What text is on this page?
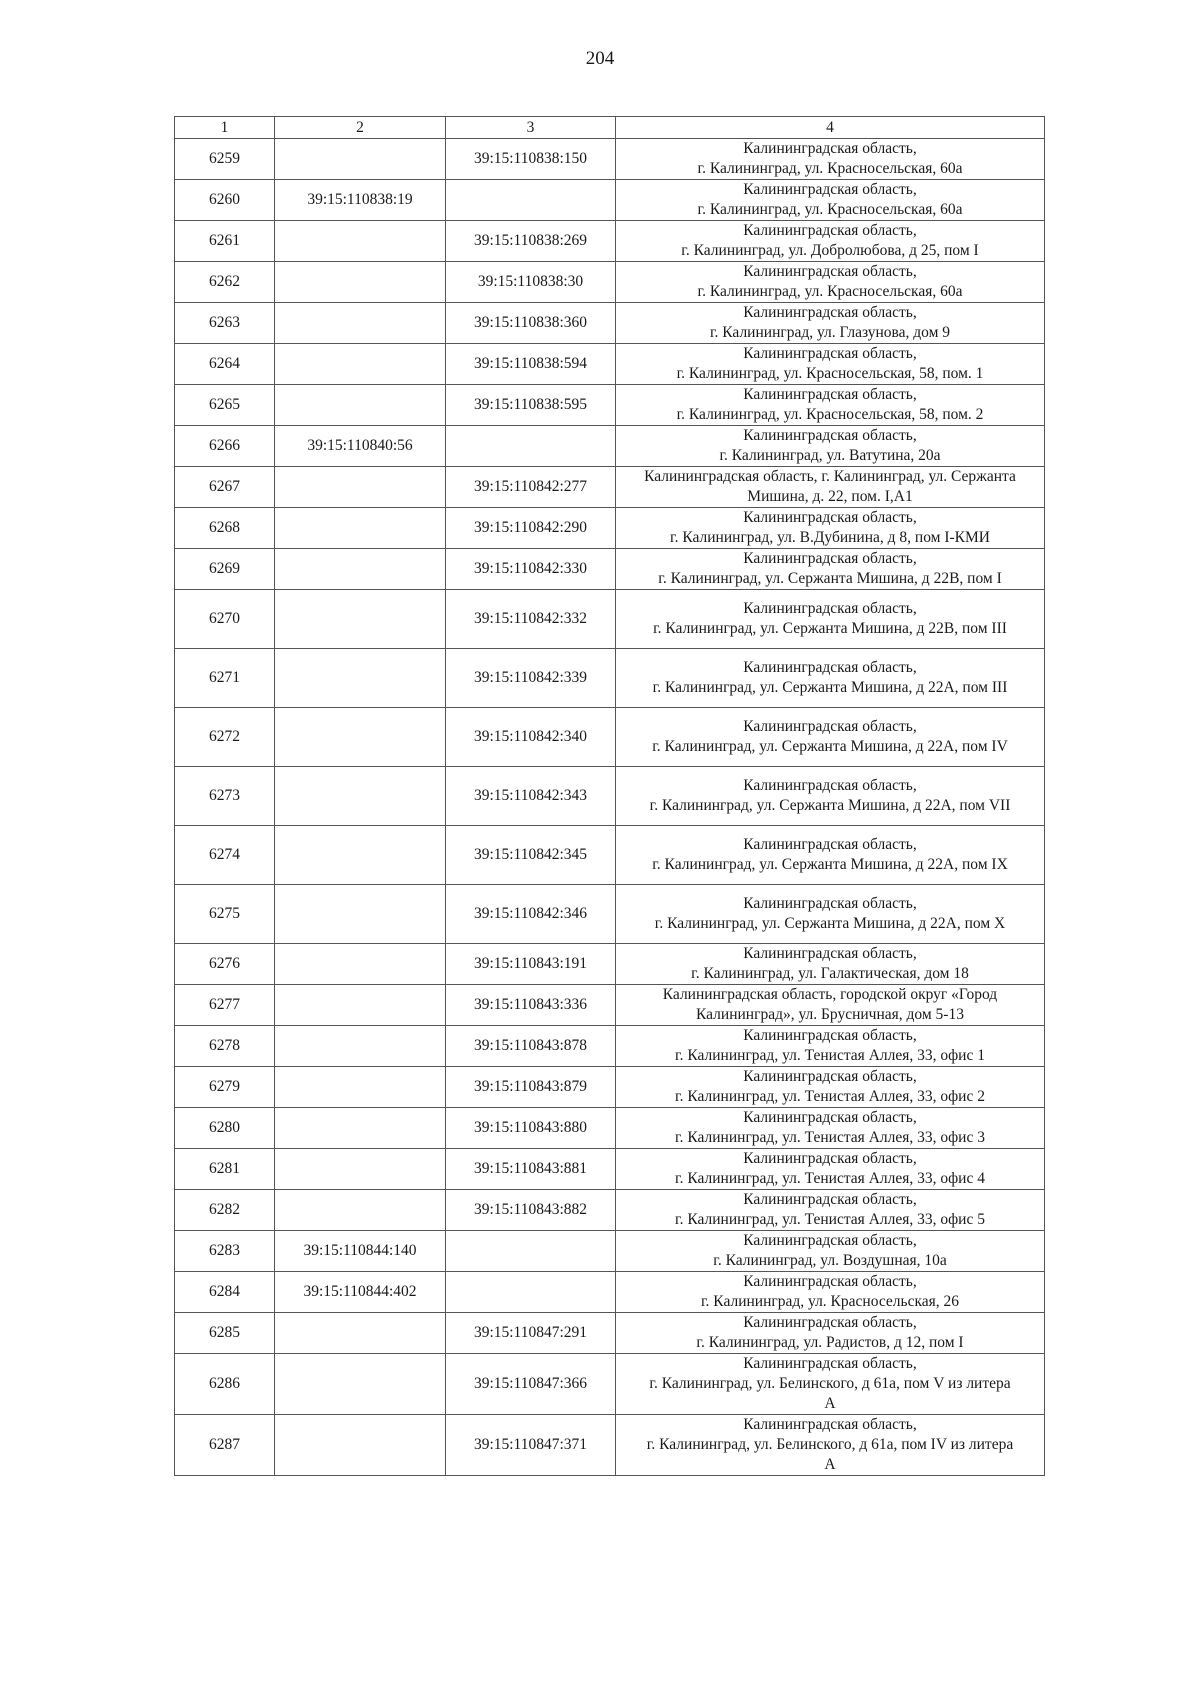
204
1	2	3	4
6259		39:15:110838:150	Калининградская область,
г. Калининград, ул. Красносельская, 60а

6260	39:15:110838:19		Калининградская область,
г. Калининград, ул. Красносельская, 60а

6261		39:15:110838:269	Калининградская область,
г. Калининград, ул. Добролюбова, д 25, пом I

6262		39:15:110838:30	Калининградская область,
г. Калининград, ул. Красносельская, 60а

6263		39:15:110838:360	Калининградская область,
г. Калининград, ул. Глазунова, дом 9

6264		39:15:110838:594	Калининградская область,
г. Калининград, ул. Красносельская, 58, пом. 1

6265		39:15:110838:595	Калининградская область,
г. Калининград, ул. Красносельская, 58, пом. 2

6266	39:15:110840:56		Калининградская область,
г. Калининград, ул. Ватутина, 20а

6267		39:15:110842:277	Калининградская область, г. Калининград, ул. Сержанта
Мишина, д. 22, пом. I,A1

6268		39:15:110842:290	Калининградская область,
г. Калининград, ул. В.Дубинина, д 8, пом I-КМИ

6269		39:15:110842:330	Калининградская область,
г. Калининград, ул. Сержанта Мишина, д 22В, пом I

6270		39:15:110842:332	Калининградская область,
г. Калининград, ул. Сержанта Мишина, д 22В, пом III

6271		39:15:110842:339	Калининградская область,
г. Калининград, ул. Сержанта Мишина, д 22А, пом III

6272		39:15:110842:340	Калининградская область,
г. Калининград, ул. Сержанта Мишина, д 22А, пом IV

6273		39:15:110842:343	Калининградская область,
г. Калининград, ул. Сержанта Мишина, д 22А, пом VII

6274		39:15:110842:345	Калининградская область,
г. Калининград, ул. Сержанта Мишина, д 22А, пом IX

6275		39:15:110842:346	Калининградская область,
г. Калининград, ул. Сержанта Мишина, д 22А, пом X

6276		39:15:110843:191	Калининградская область,
г. Калининград, ул. Галактическая, дом 18

6277		39:15:110843:336	Калининградская область, городской округ «Город
Калининград», ул. Брусничная, дом 5-13

6278		39:15:110843:878	Калининградская область,
г. Калининград, ул. Тенистая Аллея, 33, офис 1

6279		39:15:110843:879	Калининградская область,
г. Калининград, ул. Тенистая Аллея, 33, офис 2

6280		39:15:110843:880	Калининградская область,
г. Калининград, ул. Тенистая Аллея, 33, офис 3

6281		39:15:110843:881	Калининградская область,
г. Калининград, ул. Тенистая Аллея, 33, офис 4

6282		39:15:110843:882	Калининградская область,
г. Калининград, ул. Тенистая Аллея, 33, офис 5

6283	39:15:110844:140		Калининградская область,
г. Калининград, ул. Воздушная, 10а

6284	39:15:110844:402		Калининградская область,
г. Калининград, ул. Красносельская, 26

6285		39:15:110847:291	Калининградская область,
г. Калининград, ул. Радистов, д 12, пом I

6286		39:15:110847:366	Калининградская область,
г. Калининград, ул. Белинского, д 61а, пом V из литера
А

6287		39:15:110847:371	Калининградская область,
г. Калининград, ул. Белинского, д 61а, пом IV из литера
А
